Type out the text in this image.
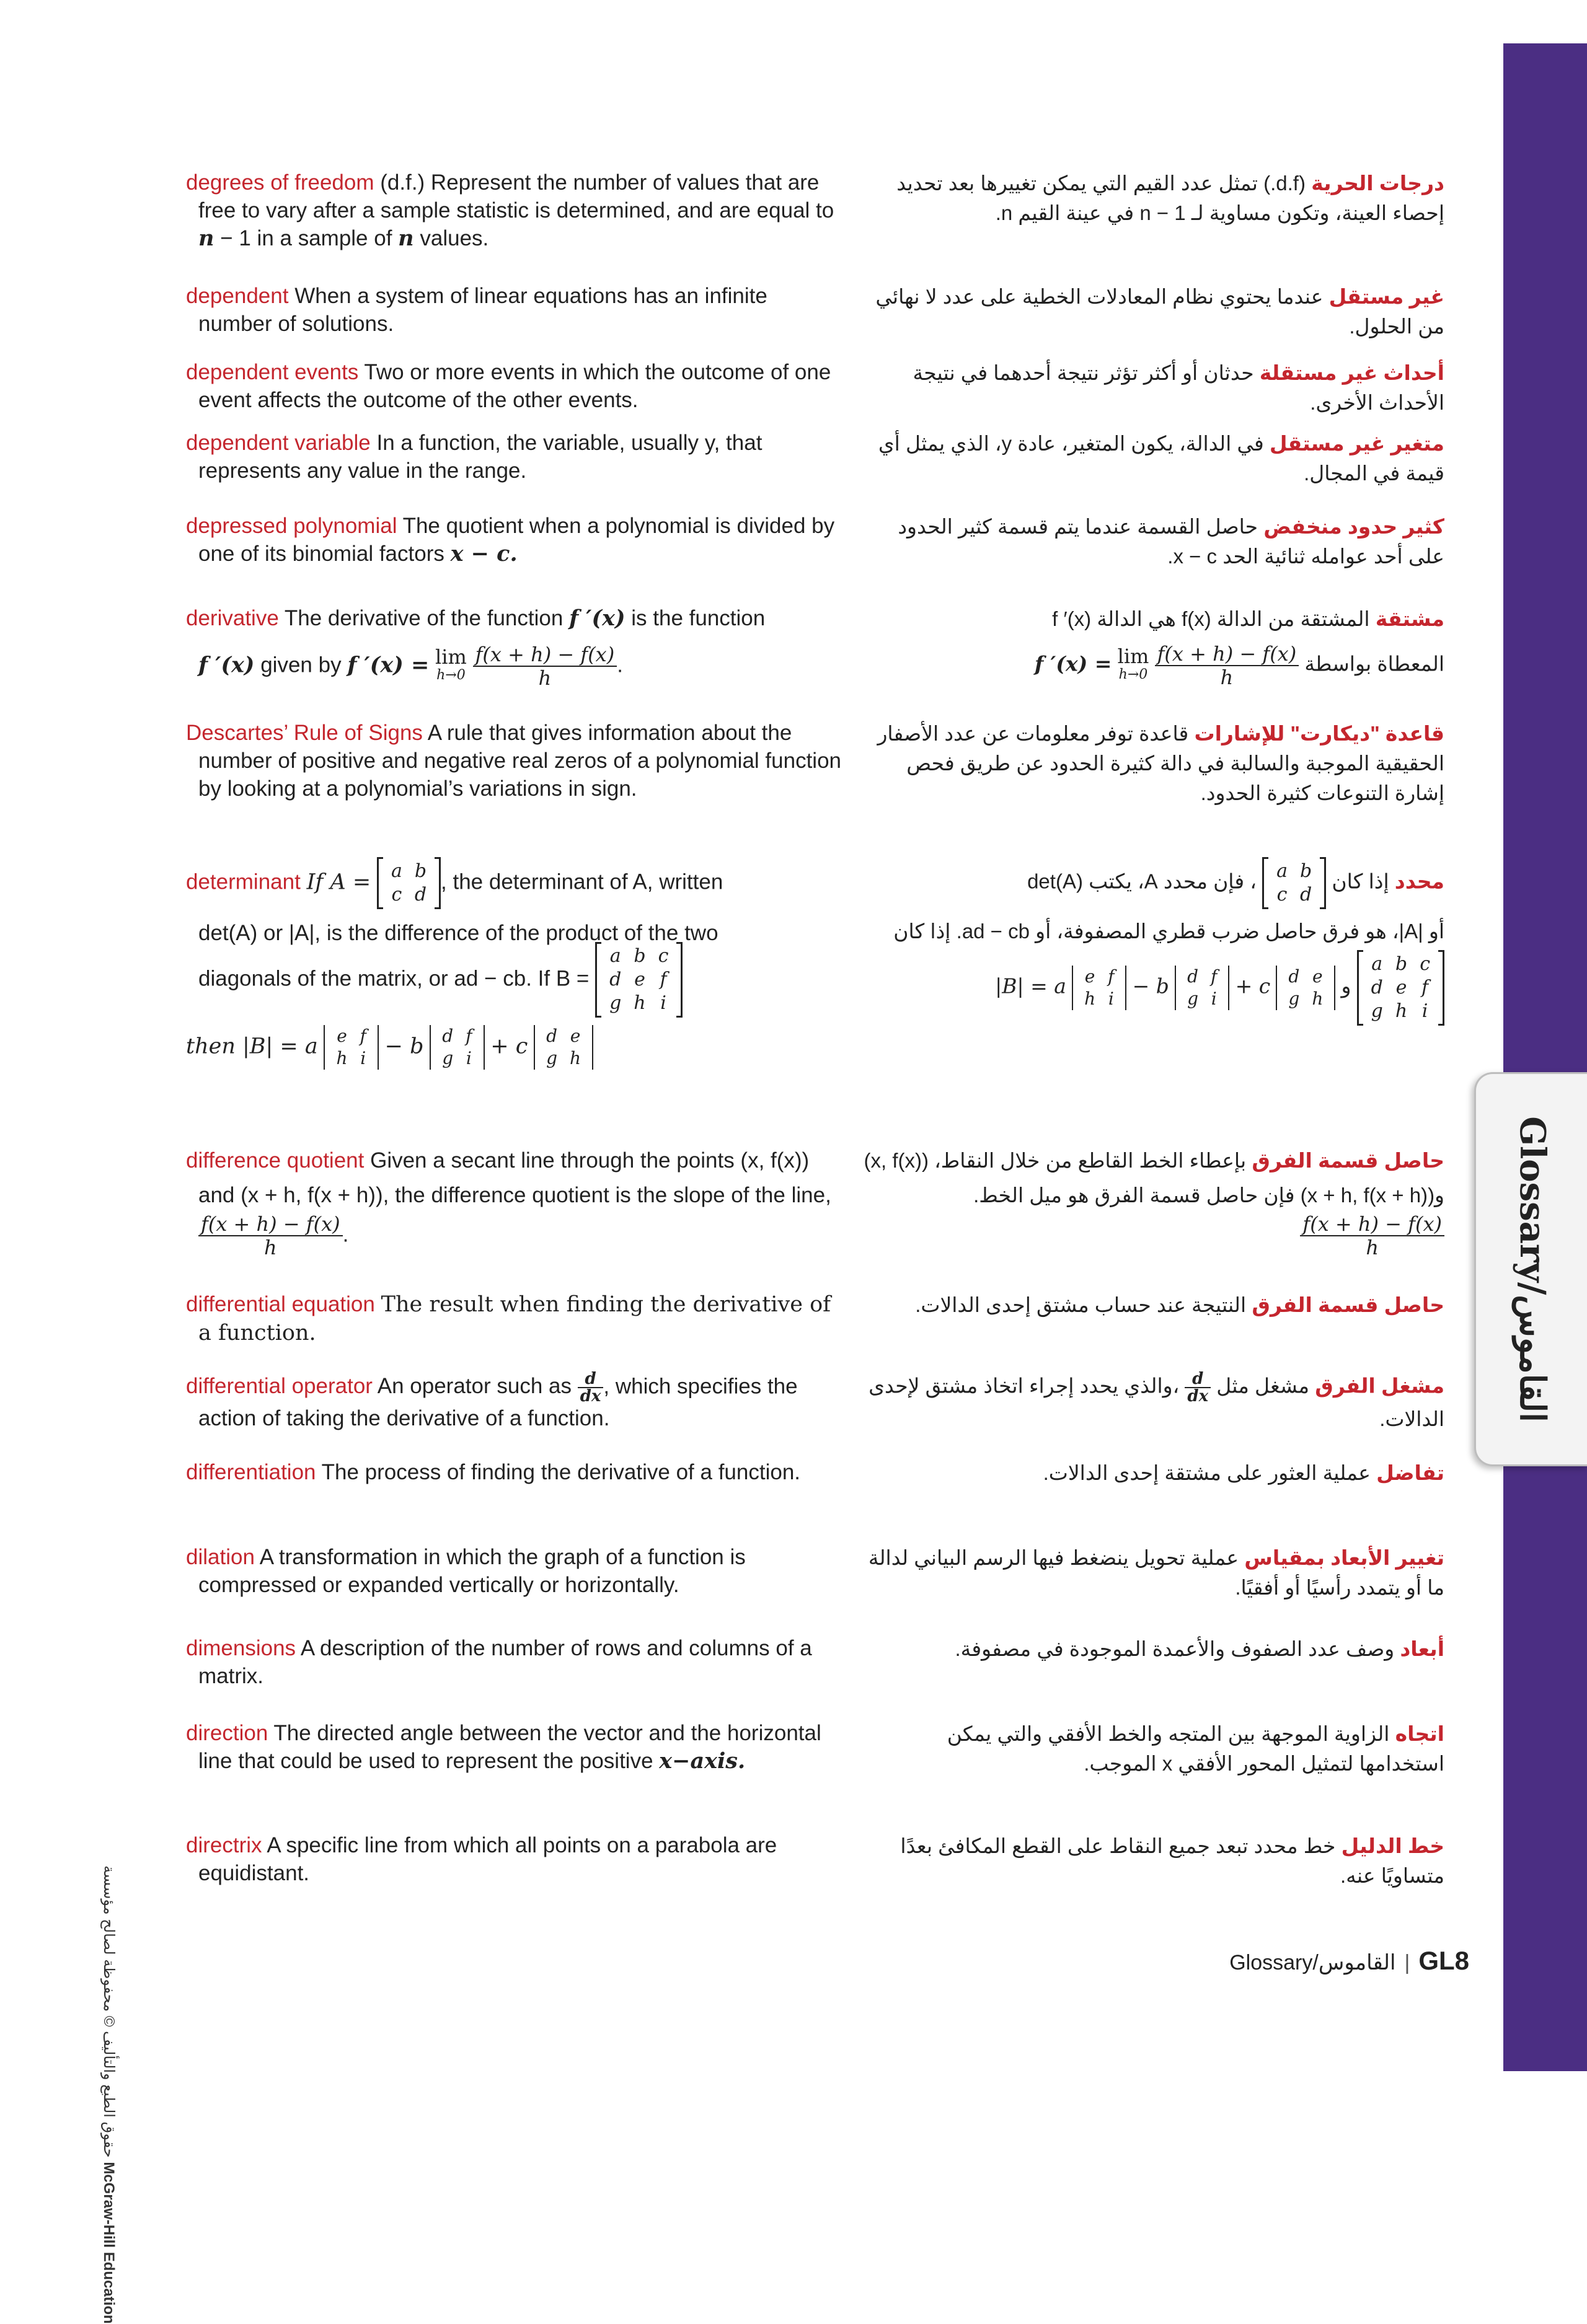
Glossary/القاموس
حقوق الطبع والتأليف © محفوظة لصالح مؤسسة McGraw-Hill Education
degrees of freedom (d.f.) Represent the number of values that are free to vary after a sample statistic is determined, and are equal to n − 1 in a sample of n values.
درجات الحرية (d.f.) تمثل عدد القيم التي يمكن تغييرها بعد تحديد إحصاء العينة، وتكون مساوية لـ n − 1 في عينة القيم n.
dependent When a system of linear equations has an infinite number of solutions.
غير مستقل عندما يحتوي نظام المعادلات الخطية على عدد لا نهائي من الحلول.
dependent events Two or more events in which the outcome of one event affects the outcome of the other events.
أحداث غير مستقلة حدثان أو أكثر تؤثر نتيجة أحدهما في نتيجة الأحداث الأخرى.
dependent variable In a function, the variable, usually y, that represents any value in the range.
متغير غير مستقل في الدالة، يكون المتغير، عادة y، الذي يمثل أي قيمة في المجال.
depressed polynomial The quotient when a polynomial is divided by one of its binomial factors x − c.
كثير حدود منخفض حاصل القسمة عندما يتم قسمة كثير الحدود على أحد عوامله ثنائية الحد x − c.
derivative The derivative of the function f ′(x) is the function
f ′(x) given by f ′(x) = lim
h→0
$\frac{f(x + h) - f(x)}{h}$ .
مشتقة المشتقة من الدالة f(x) هي الدالة f ′(x)
المعطاة بواسطة f ′(x) = lim
h→0
$\frac{f(x + h) - f(x)}{h}$
Descartes’ Rule of Signs A rule that gives information about the number of positive and negative real zeros of a polynomial function by looking at a polynomial’s variations in sign.
قاعدة "ديكارت" للإشارات قاعدة توفر معلومات عن عدد الأصفار الحقيقية الموجبة والسالبة في دالة كثيرة الحدود عن طريق فحص إشارة التنوعات كثيرة الحدود.
determinant If A = a	b
c	d
, the determinant of A, written
det(A) or |A|, is the difference of the product of the two
diagonals of the matrix, or ad − cb. If B =
a	b	c
d	e	f
g	h	i
then |B| = a e	f
h	i − b d	f
g	i + c d	e
g	h
محدد إذا كان
a	b
c	d
، فإن محدد A، يكتب det(A)
أو |A|، هو فرق حاصل ضرب قطري المصفوفة، أو ad − cb. إذا كان
a	b	c
d	e	f
g	h	i
و |B| = a e	f
h	i
− b d	f
g	i
+ c d	e
g	h
difference quotient Given a secant line through the points (x, f(x)) and (x + h, f(x + h)), the difference quotient is the slope of the line,
$\frac{f(x + h) - f(x)}{h}$ .
حاصل قسمة الفرق بإعطاء الخط القاطع من خلال النقاط، (x, f(x)) و(x + h, f(x + h)) فإن حاصل قسمة الفرق هو ميل الخط.
$\frac{f(x + h) - f(x)}{h}$
differential equation The result when finding the derivative of a function.
حاصل قسمة الفرق النتيجة عند حساب مشتق إحدى الدالات.
differential operator An operator such as $\frac{d}{dx}$ , which specifies the action of taking the derivative of a function.
مشغل الفرق مشغل مثل
$\frac{d}{dx}$
،والذي يحدد إجراء اتخاذ مشتق لإحدى الدالات.
differentiation The process of finding the derivative of a function.	تفاضل عملية العثور على مشتقة إحدى الدالات.
dilation A transformation in which the graph of a function is compressed or expanded vertically or horizontally.
تغيير الأبعاد بمقياس عملية تحويل ينضغط فيها الرسم البياني لدالة ما أو يتمدد رأسيًا أو أفقيًا.
dimensions A description of the number of rows and columns of a matrix.
أبعاد وصف عدد الصفوف والأعمدة الموجودة في مصفوفة.
direction The directed angle between the vector and the horizontal line that could be used to represent the positive x−axis.
اتجاه الزاوية الموجهة بين المتجه والخط الأفقي والتي يمكن استخدامها لتمثيل المحور الأفقي x الموجب.
directrix A specific line from which all points on a parabola are equidistant.
خط الدليل خط محدد تبعد جميع النقاط على القطع المكافئ بعدًا متساويًا عنه.
Glossary/القاموس | GL8
